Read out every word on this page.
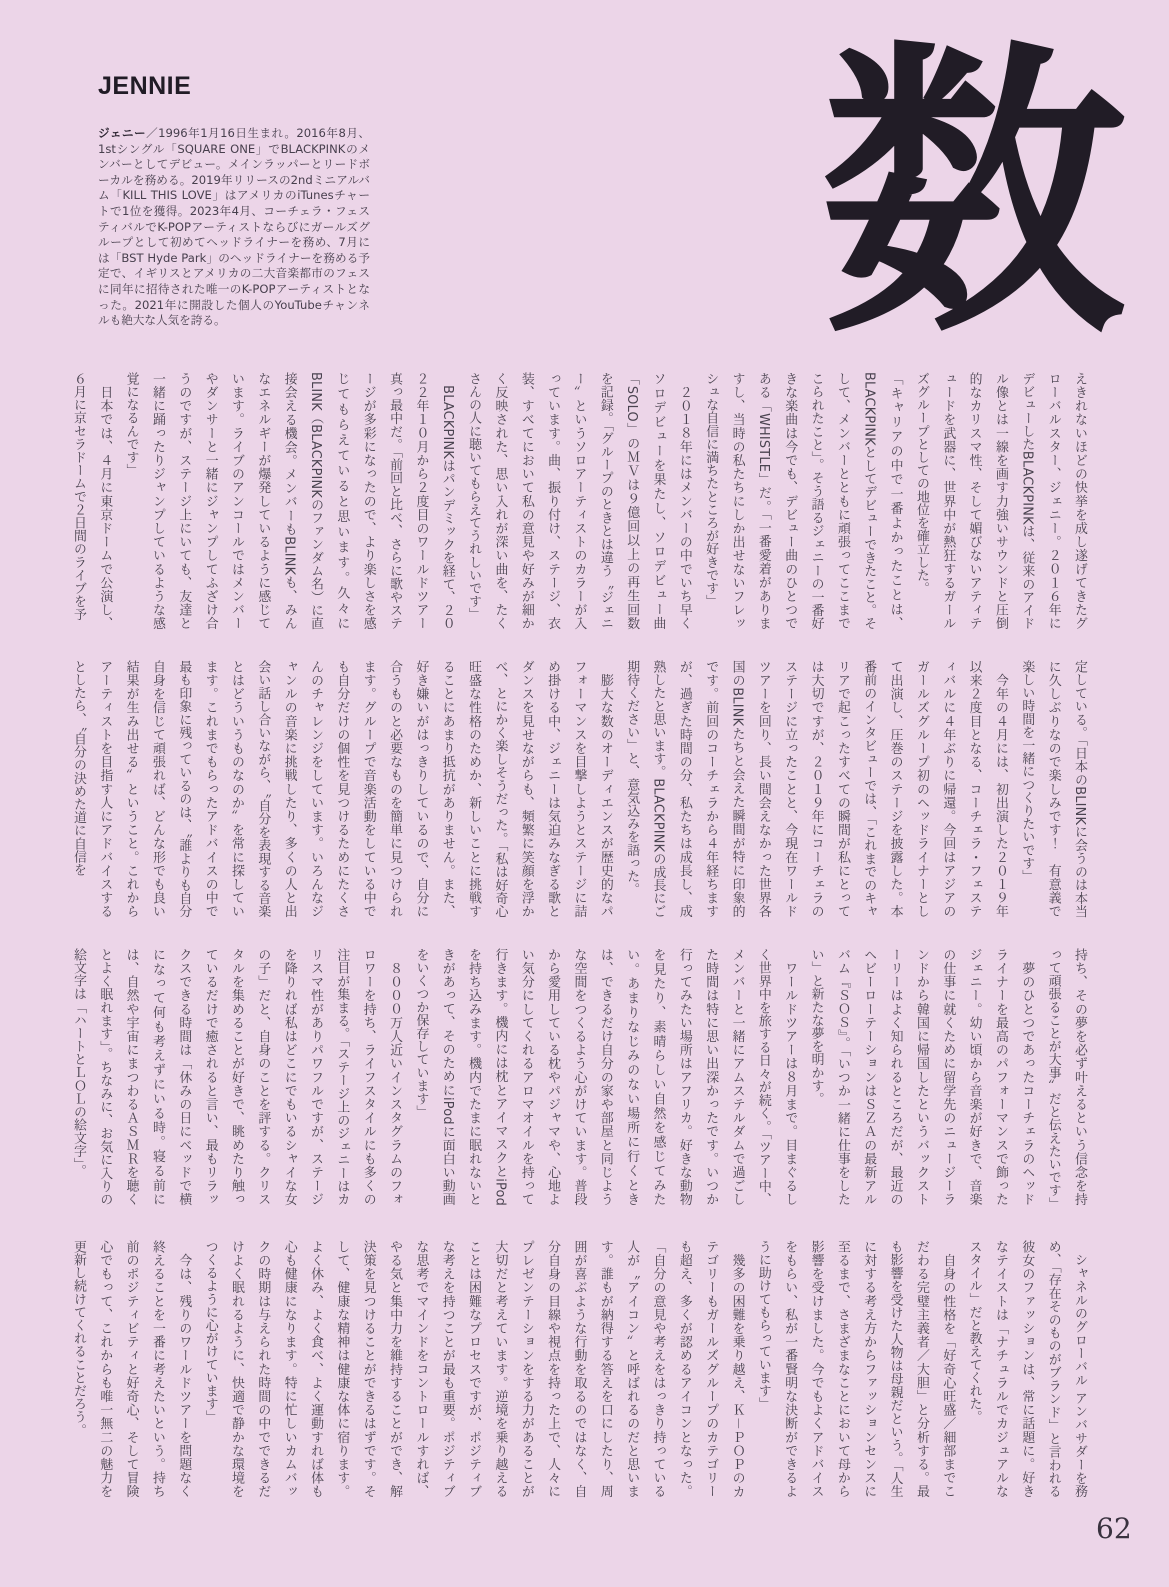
JENNIE
ジェニー／1996年1月16日生まれ。2016年8月、1stシングル「SQUARE ONE」でBLACKPINKのメンバーとしてデビュー。メインラッパーとリードボーカルを務める。2019年リリースの2ndミニアルバム「KILL THIS LOVE」はアメリカのiTunesチャートで1位を獲得。2023年4月、コーチェラ・フェスティバルでK-POPアーティストならびにガールズグループとして初めてヘッドライナーを務め、7月には「BST Hyde Park」のヘッドライナーを務める予定で、イギリスとアメリカの二大音楽都市のフェスに同年に招待された唯一のK-POPアーティストとなった。2021年に開設した個人のYouTubeチャンネルも絶大な人気を誇る。	数

えきれないほどの快挙を成し遂げてきたグローバルスター、ジェニー。２０１６年にデビューしたBLACKPINKは、従来のアイドル像とは一線を画す力強いサウンドと圧倒的なカリスマ性、そして媚びないアティテュードを武器に、世界中が熱狂するガールズグループとしての地位を確立した。

「キャリアの中で一番よかったことは、BLACKPINKとしてデビューできたこと。そして、メンバーとともに頑張ってここまでこられたこと」。そう語るジェニーの一番好きな楽曲は今でも、デビュー曲のひとつである「WHISTLE」だ。「一番愛着がありますし、当時の私たちにしか出せないフレッシュな自信に満ちたところが好きです」

　２０１８年にはメンバーの中でいち早くソロデビューを果たし、ソロデビュー曲「SOLO」のＭＶは９億回以上の再生回数を記録。「グループのときとは違う〝ジェニー〟というソロアーティストのカラーが入っています。曲、振り付け、ステージ、衣装、すべてにおいて私の意見や好みが細かく反映された、思い入れが深い曲を、たくさんの人に聴いてもらえてうれしいです」

　BLACKPINKはパンデミックを経て、２０２２年１０月から２度目のワールドツアー真っ最中だ。「前回と比べ、さらに歌やステージが多彩になったので、より楽しさを感じてもらえていると思います。久々にBLINK（BLACKPINKのファンダム名）に直接会える機会。メンバーもBLINKも、みんなエネルギーが爆発しているように感じています。ライブのアンコールではメンバーやダンサーと一緒にジャンプしてふざけ合うのですが、ステージ上にいても、友達と一緒に踊ったりジャンプしているような感覚になるんです」

　日本では、４月に東京ドームで公演し、６月に京セラドームで２日間のライブを予

定している。「日本のBLINKに会うのは本当に久しぶりなので楽しみです！　有意義で楽しい時間を一緒につくりたいです」

　今年の４月には、初出演した２０１９年以来２度目となる、コーチェラ・フェスティバルに４年ぶりに帰還。今回はアジアのガールズグループ初のヘッドライナーとして出演し、圧巻のステージを披露した。本番前のインタビューでは、「これまでのキャリアで起こったすべての瞬間が私にとっては大切ですが、２０１９年にコーチェラのステージに立ったことと、今現在ワールドツアーを回り、長い間会えなかった世界各国のBLINKたちと会えた瞬間が特に印象的です。前回のコーチェラから４年経ちますが、過ぎた時間の分、私たちは成長し、成熟したと思います。BLACKPINKの成長にご期待ください」と、意気込みを語った。

　膨大な数のオーディエンスが歴史的なパフォーマンスを目撃しようとステージに詰め掛ける中、ジェニーは気迫みなぎる歌とダンスを見せながらも、頻繁に笑顔を浮かべ、とにかく楽しそうだった。「私は好奇心旺盛な性格のためか、新しいことに挑戦することにあまり抵抗がありません。また、好き嫌いがはっきりしているので、自分に合うものと必要なものを簡単に見つけられます。グループで音楽活動をしている中でも自分だけの個性を見つけるためにたくさんのチャレンジをしています。いろんなジャンルの音楽に挑戦したり、多くの人と出会い話し合いながら、〝自分を表現する音楽とはどういうものなのか〟を常に探しています。これまでもらったアドバイスの中で最も印象に残っているのは、〝誰よりも自分自身を信じて頑張れば、どんな形でも良い結果が生み出せる〟ということ。これからアーティストを目指す人にアドバイスするとしたら、〝自分の決めた道に自信を

持ち、その夢を必ず叶えるという信念を持って頑張ることが大事〟だと伝えたいです」

　夢のひとつであったコーチェラのヘッドライナーを最高のパフォーマンスで飾ったジェニー。幼い頃から音楽が好きで、音楽の仕事に就くために留学先のニュージーランドから韓国に帰国したというバックストーリーはよく知られるところだが、最近のヘビーローテーションはＳＺＡの最新アルバム『ＳＯＳ』。「いつか一緒に仕事をしたい」と新たな夢を明かす。

　ワールドツアーは８月まで。目まぐるしく世界中を旅する日々が続く。「ツアー中、メンバーと一緒にアムステルダムで過ごした時間は特に思い出深かったです。いつか行ってみたい場所はアフリカ。好きな動物を見たり、素晴らしい自然を感じてみたい。あまりなじみのない場所に行くときは、できるだけ自分の家や部屋と同じような空間をつくるよう心がけています。普段から愛用している枕やパジャマや、心地よい気分にしてくれるアロマオイルを持って行きます。機内には枕とアイマスクとiPodを持ち込みます。機内でたまに眠れないときがあって、そのためにiPodに面白い動画をいくつか保存しています」

　８０００万人近いインスタグラムのフォロワーを持ち、ライフスタイルにも多くの注目が集まる。「ステージ上のジェニーはカリスマ性がありパワフルですが、ステージを降りれば私はどこにでもいるシャイな女の子」だと、自身のことを評する。クリスタルを集めることが好きで、眺めたり触っているだけで癒されると言い、最もリラックスできる時間は「休みの日にベッドで横になって何も考えずにいる時。寝る前には、自然や宇宙にまつわるＡＳＭＲを聴くとよく眠れます」。ちなみに、お気に入りの絵文字は「ハートとＬＯＬの絵文字」。

　シャネルのグローバル アンバサダーを務め、「存在そのものがブランド」と言われる彼女のファッションは、常に話題に。好きなテイストは「ナチュラルでカジュアルなスタイル」だと教えてくれた。

　自身の性格を「好奇心旺盛／細部までこだわる完璧主義者／大胆」と分析する。最も影響を受けた人物は母親だという。「人生に対する考え方からファッションセンスに至るまで、さまざまなことにおいて母から影響を受けました。今でもよくアドバイスをもらい、私が一番賢明な決断ができるように助けてもらっています」

　幾多の困難を乗り越え、Ｋ－ＰＯＰのカテゴリーもガールズグループのカテゴリーも超え、多くが認めるアイコンとなった。「自分の意見や考えをはっきり持っている人が〝アイコン〟と呼ばれるのだと思います。誰もが納得する答えを口にしたり、周囲が喜ぶような行動を取るのではなく、自分自身の目線や視点を持った上で、人々にプレゼンテーションをする力があることが大切だと考えています。逆境を乗り越えることは困難なプロセスですが、ポジティブな考えを持つことが最も重要。ポジティブな思考でマインドをコントロールすれば、やる気と集中力を維持することができ、解決策を見つけることができるはずです。そして、健康な精神は健康な体に宿ります。よく休み、よく食べ、よく運動すれば体も心も健康になります。特に忙しいカムバックの時期は与えられた時間の中でできるだけよく眠れるように、快適で静かな環境をつくるように心がけています」

　今は、残りのワールドツアーを問題なく終えることを一番に考えたいという。持ち前のポジティビティと好奇心、そして冒険心でもって、これからも唯一無二の魅力を更新し続けてくれることだろう。

62
